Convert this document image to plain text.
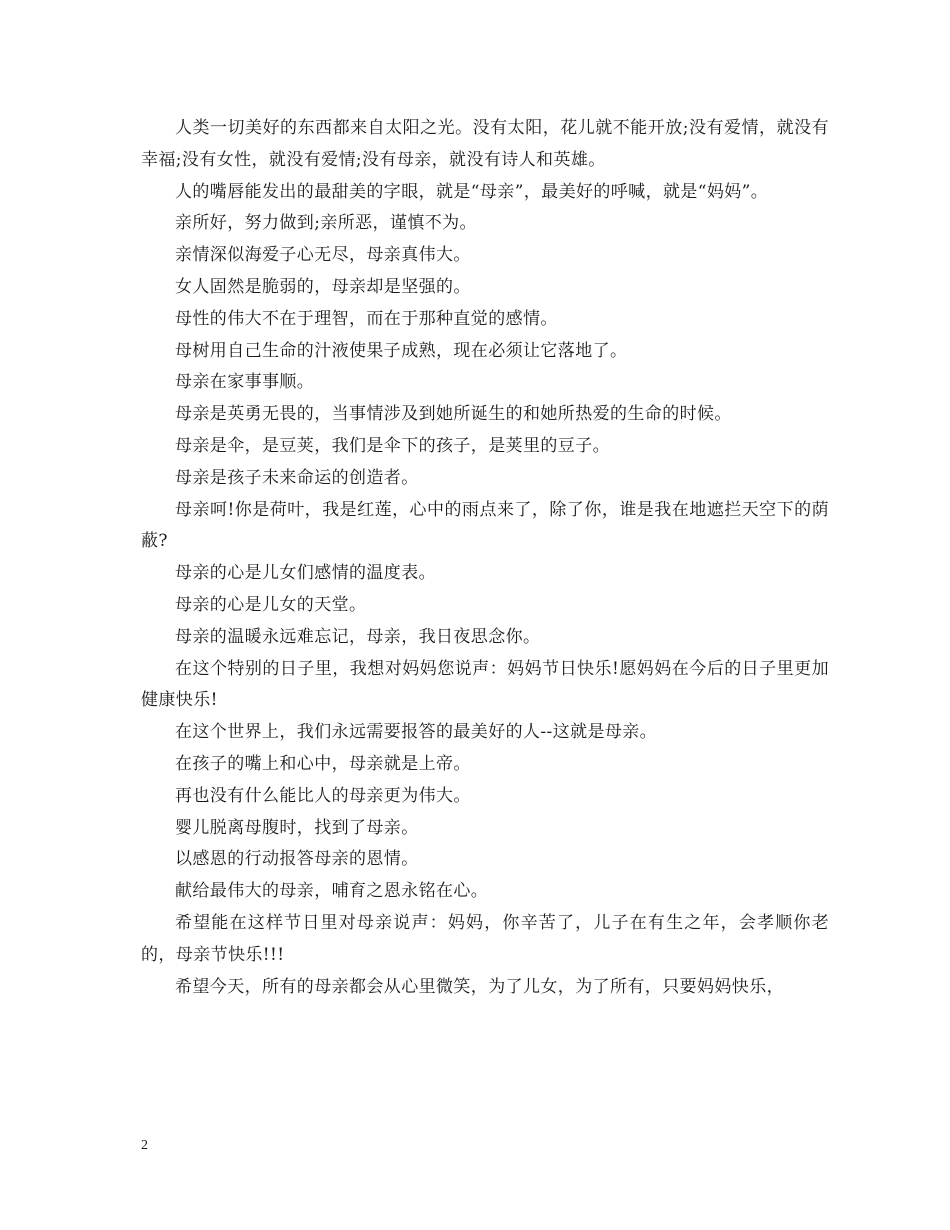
人类一切美好的东西都来自太阳之光。没有太阳，花儿就不能开放;没有爱情，就没有幸福;没有女性，就没有爱情;没有母亲，就没有诗人和英雄。

人的嘴唇能发出的最甜美的字眼，就是“母亲”，最美好的呼喊，就是“妈妈”。

亲所好，努力做到;亲所恶，谨慎不为。

亲情深似海爱子心无尽，母亲真伟大。

女人固然是脆弱的，母亲却是坚强的。

母性的伟大不在于理智，而在于那种直觉的感情。

母树用自己生命的汁液使果子成熟，现在必须让它落地了。

母亲在家事事顺。

母亲是英勇无畏的，当事情涉及到她所诞生的和她所热爱的生命的时候。

母亲是伞，是豆荚，我们是伞下的孩子，是荚里的豆子。

母亲是孩子未来命运的创造者。

母亲呵!你是荷叶，我是红莲，心中的雨点来了，除了你，谁是我在地遮拦天空下的荫蔽?

母亲的心是儿女们感情的温度表。

母亲的心是儿女的天堂。

母亲的温暖永远难忘记，母亲，我日夜思念你。

在这个特别的日子里，我想对妈妈您说声：妈妈节日快乐!愿妈妈在今后的日子里更加健康快乐!

在这个世界上，我们永远需要报答的最美好的人--这就是母亲。

在孩子的嘴上和心中，母亲就是上帝。

再也没有什么能比人的母亲更为伟大。

婴儿脱离母腹时，找到了母亲。

以感恩的行动报答母亲的恩情。

献给最伟大的母亲，哺育之恩永铭在心。

希望能在这样节日里对母亲说声：妈妈，你辛苦了，儿子在有生之年，会孝顺你老的，母亲节快乐!!!

希望今天，所有的母亲都会从心里微笑，为了儿女，为了所有，只要妈妈快乐，

2
